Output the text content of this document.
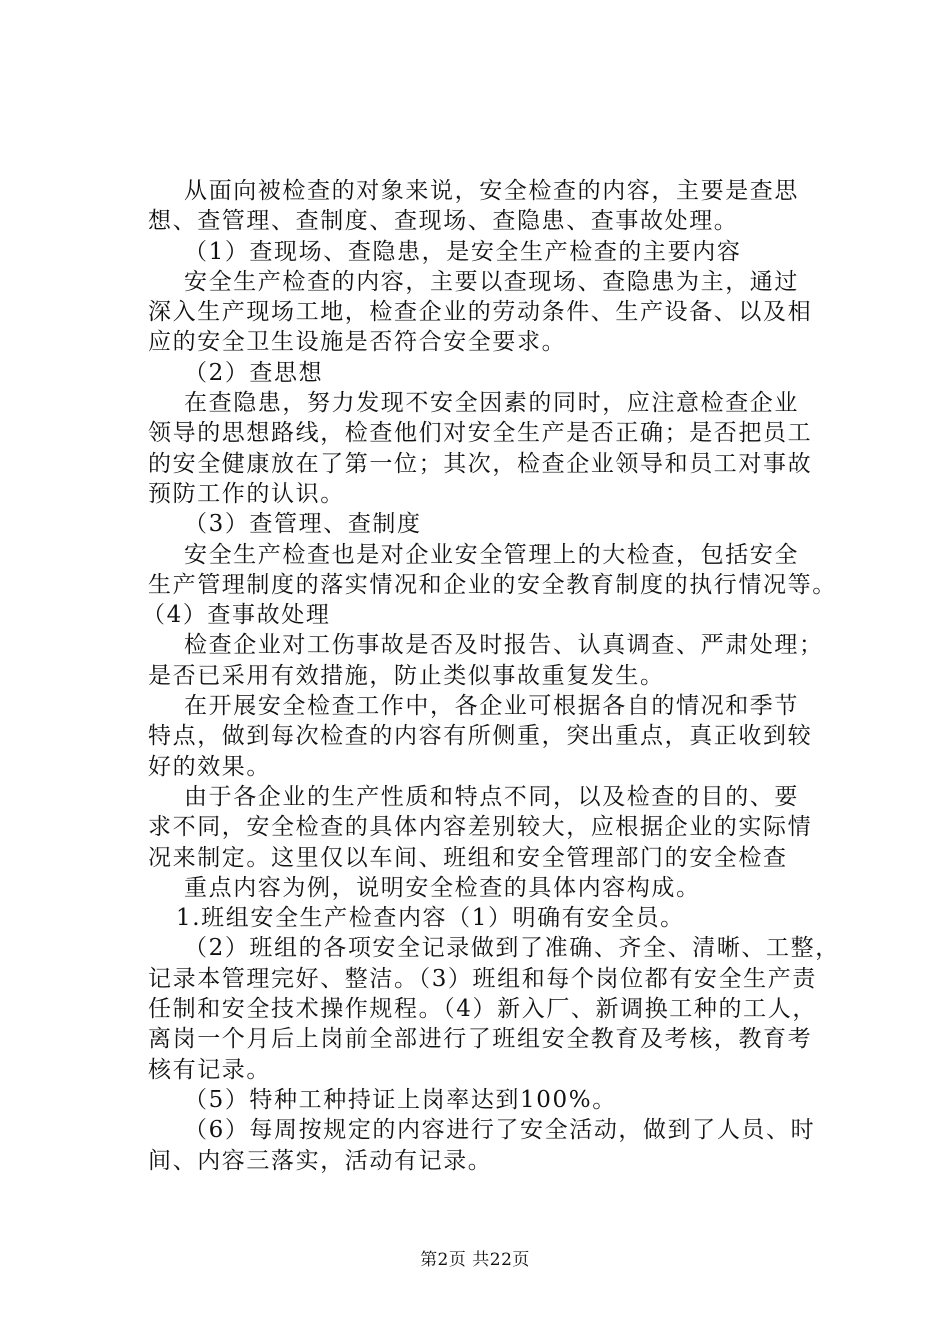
从面向被检查的对象来说，安全检查的内容，主要是查思
想、查管理、查制度、查现场、查隐患、查事故处理。
（1）查现场、查隐患，是安全生产检查的主要内容
安全生产检查的内容，主要以查现场、查隐患为主，通过
深入生产现场工地，检查企业的劳动条件、生产设备、以及相
应的安全卫生设施是否符合安全要求。
（2）查思想
在查隐患，努力发现不安全因素的同时，应注意检查企业
领导的思想路线，检查他们对安全生产是否正确；是否把员工
的安全健康放在了第一位；其次，检查企业领导和员工对事故
预防工作的认识。
（3）查管理、查制度
安全生产检查也是对企业安全管理上的大检查，包括安全
生产管理制度的落实情况和企业的安全教育制度的执行情况等。
（4）查事故处理
检查企业对工伤事故是否及时报告、认真调查、严肃处理；
是否已采用有效措施，防止类似事故重复发生。
在开展安全检查工作中，各企业可根据各自的情况和季节
特点，做到每次检查的内容有所侧重，突出重点，真正收到较
好的效果。
由于各企业的生产性质和特点不同，以及检查的目的、要
求不同，安全检查的具体内容差别较大，应根据企业的实际情
况来制定。这里仅以车间、班组和安全管理部门的安全检查
重点内容为例，说明安全检查的具体内容构成。
1.班组安全生产检查内容（1）明确有安全员。
（2）班组的各项安全记录做到了准确、齐全、清晰、工整，
记录本管理完好、整洁。（3）班组和每个岗位都有安全生产责
任制和安全技术操作规程。（4）新入厂、新调换工种的工人，
离岗一个月后上岗前全部进行了班组安全教育及考核，教育考
核有记录。
（5）特种工种持证上岗率达到100%。
（6）每周按规定的内容进行了安全活动，做到了人员、时
间、内容三落实，活动有记录。
第2页 共22页
